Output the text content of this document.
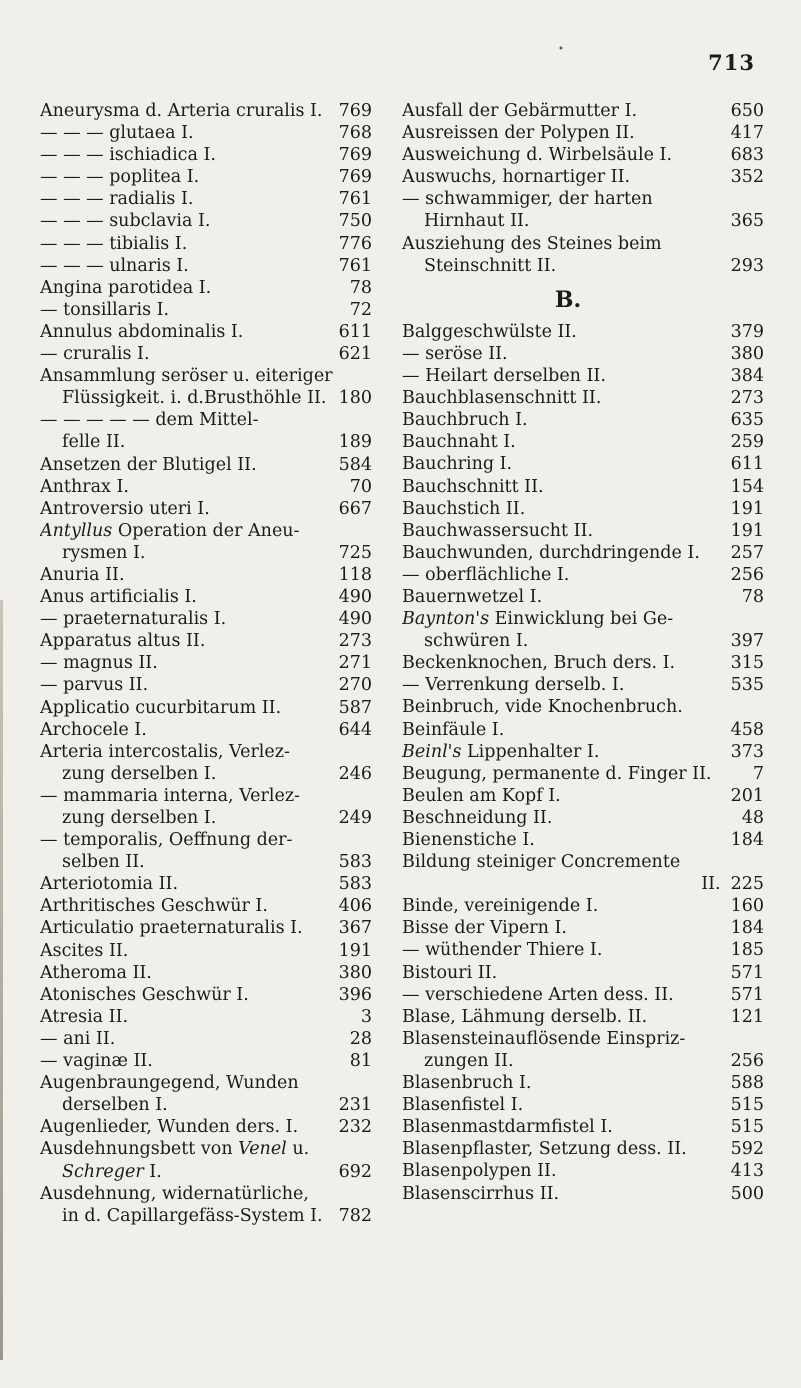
713
•
Aneurysma d. Arteria cruralis I. 769
— — — glutaea I.	768
— — — ischiadica I.	769
— — — poplitea I.	769
— — — radialis I.	761
— — — subclavia I.	750
— — — tibialis I.	776
— — — ulnaris I.	761
Angina parotidea I.	78
— tonsillaris I.	72
Annulus abdominalis I.	611
— cruralis I.	621
Ansammlung seröser u. eiteriger
Flüssigkeit. i. d.Brusthöhle II. 180
— — — — — dem Mittel-
felle II.	189
Ansetzen der Blutigel II.	584
Anthrax I.	70
Antroversio uteri I.	667
Antyllus Operation der Aneu-
rysmen I.	725
Anuria II.	118
Anus artificialis I.	490
— praeternaturalis I.	490
Apparatus altus II.	273
— magnus II.	271
— parvus II.	270
Applicatio cucurbitarum II.	587
Archocele I.	644
Arteria intercostalis, Verlez-
zung derselben I.	246
— mammaria interna, Verlez-
zung derselben I.	249
— temporalis, Oeffnung der-
selben II.	583
Arteriotomia II.	583
Arthritisches Geschwür I.	406
Articulatio praeternaturalis I. 367
Ascites II.	191
Atheroma II.	380
Atonisches Geschwür I.	396
Atresia II.	3
— ani II.	28
— vaginæ II.	81
Augenbraungegend, Wunden
derselben I.	231
Augenlieder, Wunden ders. I. 232
Ausdehnungsbett von Venel u.
Schreger I.	692
Ausdehnung, widernatürliche,
in d. Capillargefäss-System I. 782
Ausfall der Gebärmutter I.	650
Ausreissen der Polypen II.	417
Ausweichung d. Wirbelsäule I.	683
Auswuchs, hornartiger II.	352
— schwammiger, der harten
Hirnhaut II.	365
Ausziehung des Steines beim
Steinschnitt II.	293
B.
Balggeschwülste II.	379
— seröse II.	380
— Heilart derselben II.	384
Bauchblasenschnitt II.	273
Bauchbruch I.	635
Bauchnaht I.	259
Bauchring I.	611
Bauchschnitt II.	154
Bauchstich II.	191
Bauchwassersucht II.	191
Bauchwunden, durchdringende I. 257
— oberflächliche I.	256
Bauernwetzel I.	78
Baynton's Einwicklung bei Ge-
schwüren I.	397
Beckenknochen, Bruch ders. I.	315
— Verrenkung derselb. I.	535
Beinbruch, vide Knochenbruch.
Beinfäule I.	458
Beinl's Lippenhalter I.	373
Beugung, permanente d. Finger II. 7
Beulen am Kopf I.	201
Beschneidung II.	48
Bienenstiche I.	184
Bildung steiniger Concremente
II. 225
Binde, vereinigende I.	160
Bisse der Vipern I.	184
— wüthender Thiere I.	185
Bistouri II.	571
— verschiedene Arten dess. II.	571
Blase, Lähmung derselb. II.	121
Blasensteinauflösende Einspriz-
zungen II.	256
Blasenbruch I.	588
Blasenfistel I.	515
Blasenmastdarmfistel I.	515
Blasenpflaster, Setzung dess. II.	592
Blasenpolypen II.	413
Blasenscirrhus II.	500
